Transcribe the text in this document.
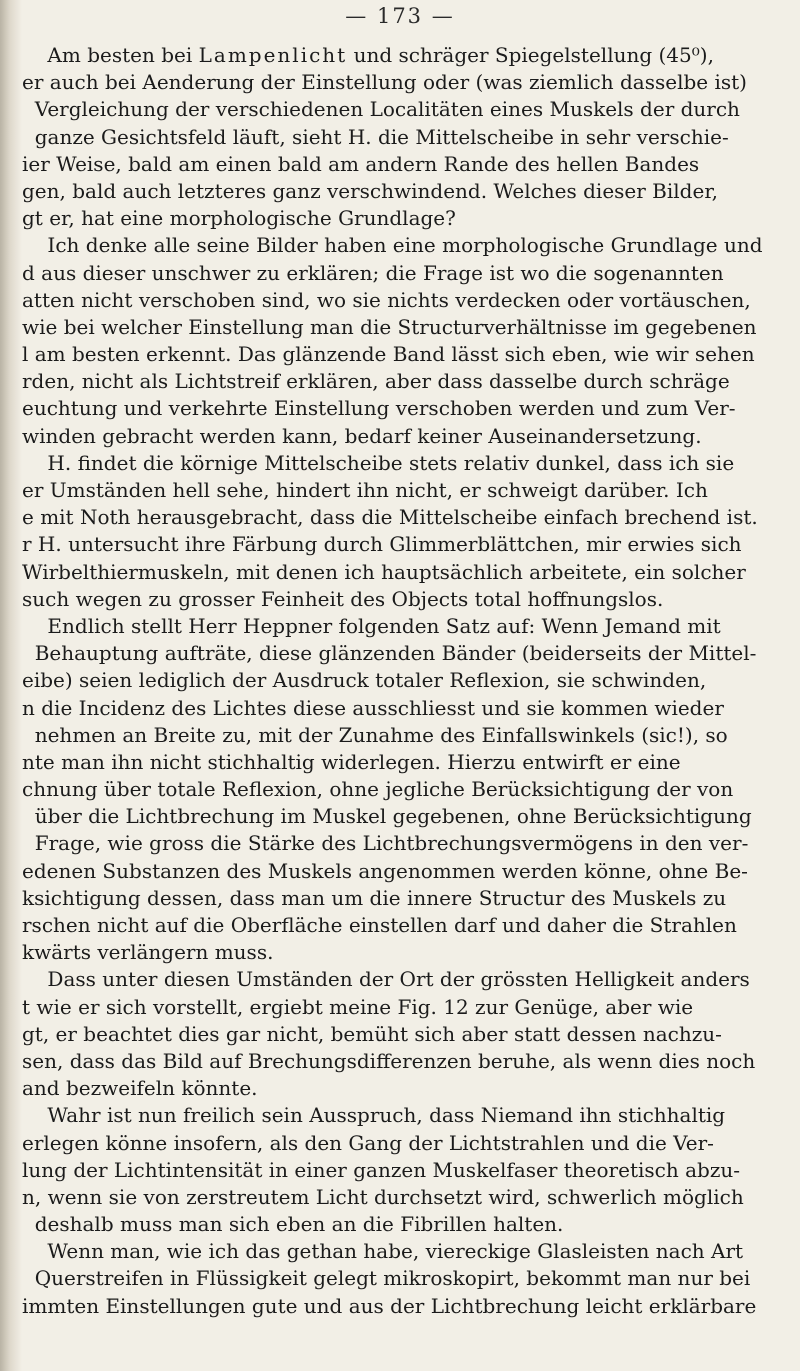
— 173 —
Am besten bei Lampenlicht und schräger Spiegelstellung (45⁰),
er auch bei Aenderung der Einstellung oder (was ziemlich dasselbe ist)
Vergleichung der verschiedenen Localitäten eines Muskels der durch
ganze Gesichtsfeld läuft, sieht H. die Mittelscheibe in sehr verschie-
ier Weise, bald am einen bald am andern Rande des hellen Bandes
gen, bald auch letzteres ganz verschwindend. Welches dieser Bilder,
gt er, hat eine morphologische Grundlage?
Ich denke alle seine Bilder haben eine morphologische Grundlage und
d aus dieser unschwer zu erklären; die Frage ist wo die sogenannten
atten nicht verschoben sind, wo sie nichts verdecken oder vortäuschen,
wie bei welcher Einstellung man die Structurverhältnisse im gegebenen
l am besten erkennt. Das glänzende Band lässt sich eben, wie wir sehen
rden, nicht als Lichtstreif erklären, aber dass dasselbe durch schräge
euchtung und verkehrte Einstellung verschoben werden und zum Ver-
winden gebracht werden kann, bedarf keiner Auseinandersetzung.
H. findet die körnige Mittelscheibe stets relativ dunkel, dass ich sie
er Umständen hell sehe, hindert ihn nicht, er schweigt darüber. Ich
e mit Noth herausgebracht, dass die Mittelscheibe einfach brechend ist.
r H. untersucht ihre Färbung durch Glimmerblättchen, mir erwies sich
Wirbelthiermuskeln, mit denen ich hauptsächlich arbeitete, ein solcher
such wegen zu grosser Feinheit des Objects total hoffnungslos.
Endlich stellt Herr Heppner folgenden Satz auf: Wenn Jemand mit
Behauptung aufträte, diese glänzenden Bänder (beiderseits der Mittel-
eibe) seien lediglich der Ausdruck totaler Reflexion, sie schwinden,
n die Incidenz des Lichtes diese ausschliesst und sie kommen wieder
nehmen an Breite zu, mit der Zunahme des Einfallswinkels (sic!), so
nte man ihn nicht stichhaltig widerlegen. Hierzu entwirft er eine
chnung über totale Reflexion, ohne jegliche Berücksichtigung der von
über die Lichtbrechung im Muskel gegebenen, ohne Berücksichtigung
Frage, wie gross die Stärke des Lichtbrechungsvermögens in den ver-
edenen Substanzen des Muskels angenommen werden könne, ohne Be-
ksichtigung dessen, dass man um die innere Structur des Muskels zu
rschen nicht auf die Oberfläche einstellen darf und daher die Strahlen
kwärts verlängern muss.
Dass unter diesen Umständen der Ort der grössten Helligkeit anders
t wie er sich vorstellt, ergiebt meine Fig. 12 zur Genüge, aber wie
gt, er beachtet dies gar nicht, bemüht sich aber statt dessen nachzu-
sen, dass das Bild auf Brechungsdifferenzen beruhe, als wenn dies noch
and bezweifeln könnte.
Wahr ist nun freilich sein Ausspruch, dass Niemand ihn stichhaltig
erlegen könne insofern, als den Gang der Lichtstrahlen und die Ver-
lung der Lichtintensität in einer ganzen Muskelfaser theoretisch abzu-
n, wenn sie von zerstreutem Licht durchsetzt wird, schwerlich möglich
deshalb muss man sich eben an die Fibrillen halten.
Wenn man, wie ich das gethan habe, viereckige Glasleisten nach Art
Querstreifen in Flüssigkeit gelegt mikroskopirt, bekommt man nur bei
immten Einstellungen gute und aus der Lichtbrechung leicht erklärbare
